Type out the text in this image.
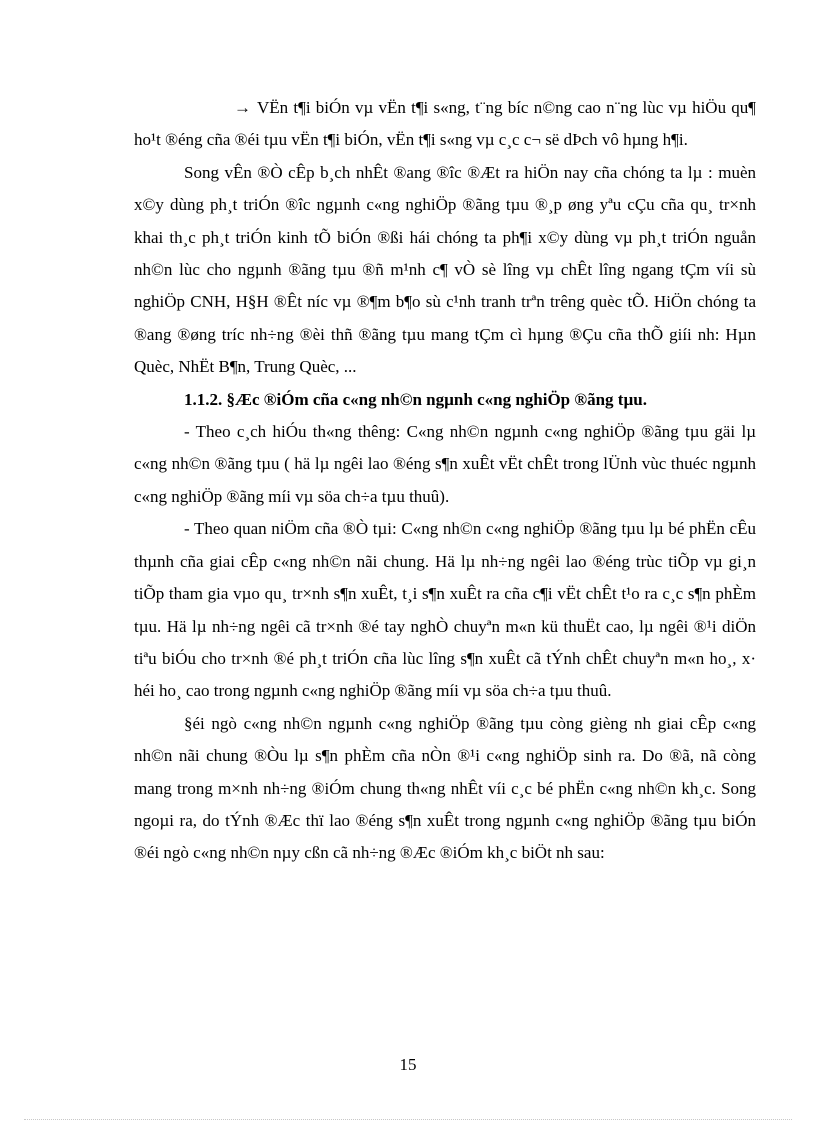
→ VËn t¶i biÓn vµ vËn t¶i s«ng, t¨ng bíc n©ng cao n¨ng lùc vµ hiÖu qu¶ ho¹t ®éng cña ®éi tµu vËn t¶i biÓn, vËn t¶i s«ng vµ c¸c c¬ së dÞch vô hµng h¶i.

Song vÊn ®Ò cÊp b¸ch nhÊt ®ang ®îc ®Æt ra hiÖn nay cña chóng ta lµ : muèn x©y dùng ph¸t triÓn ®îc ngµnh c«ng nghiÖp ®ãng tµu ®¸p øng yªu cÇu cña qu¸ tr×nh khai th¸c ph¸t triÓn kinh tÕ biÓn ®ßi hái chóng ta ph¶i x©y dùng vµ ph¸t triÓn nguån nh©n lùc cho ngµnh ®ãng tµu ®ñ m¹nh c¶ vÒ sè lîng vµ chÊt lîng ngang tÇm víi sù nghiÖp CNH, H§H ®Êt níc vµ ®¶m b¶o sù c¹nh tranh trªn trêng quèc tÕ. HiÖn chóng ta ®ang ®øng tríc nh÷ng ®èi thñ ®ãng tµu mang tÇm cì hµng ®Çu cña thÕ giíi nh: Hµn Quèc, NhËt B¶n, Trung Quèc, ...

1.1.2. §Æc ®iÓm cña c«ng nh©n ngµnh c«ng nghiÖp ®ãng tµu.

- Theo c¸ch hiÓu th«ng thêng: C«ng nh©n ngµnh c«ng nghiÖp ®ãng tµu gäi lµ c«ng nh©n ®ãng tµu ( hä lµ ngêi lao ®éng s¶n xuÊt vËt chÊt trong lÜnh vùc thuéc ngµnh c«ng nghiÖp ®ãng míi vµ söa ch÷a tµu thuû).

- Theo quan niÖm cña ®Ò tµi: C«ng nh©n c«ng nghiÖp ®ãng tµu lµ bé phËn cÊu thµnh cña giai cÊp c«ng nh©n nãi chung. Hä lµ nh÷ng ngêi lao ®éng trùc tiÕp vµ gi¸n tiÕp tham gia vµo qu¸ tr×nh s¶n xuÊt, t¸i s¶n xuÊt ra cña c¶i vËt chÊt t¹o ra c¸c s¶n phÈm tµu. Hä lµ nh÷ng ngêi cã tr×nh ®é tay nghÒ chuyªn m«n kü thuËt cao, lµ ngêi ®¹i diÖn tiªu biÓu cho tr×nh ®é ph¸t triÓn cña lùc lîng s¶n xuÊt cã tÝnh chÊt chuyªn m«n ho¸, x· héi ho¸ cao trong ngµnh c«ng nghiÖp ®ãng míi vµ söa ch÷a tµu thuû.

§éi ngò c«ng nh©n ngµnh c«ng nghiÖp ®ãng tµu còng gièng nh giai cÊp c«ng nh©n nãi chung ®Òu lµ s¶n phÈm cña nÒn ®¹i c«ng nghiÖp sinh ra. Do ®ã, nã còng mang trong m×nh nh÷ng ®iÓm chung th«ng nhÊt víi c¸c bé phËn c«ng nh©n kh¸c. Song ngoµi ra, do tÝnh ®Æc thï lao ®éng s¶n xuÊt trong ngµnh c«ng nghiÖp ®ãng tµu biÓn ®éi ngò c«ng nh©n nµy cßn cã nh÷ng ®Æc ®iÓm kh¸c biÖt nh sau:

15
